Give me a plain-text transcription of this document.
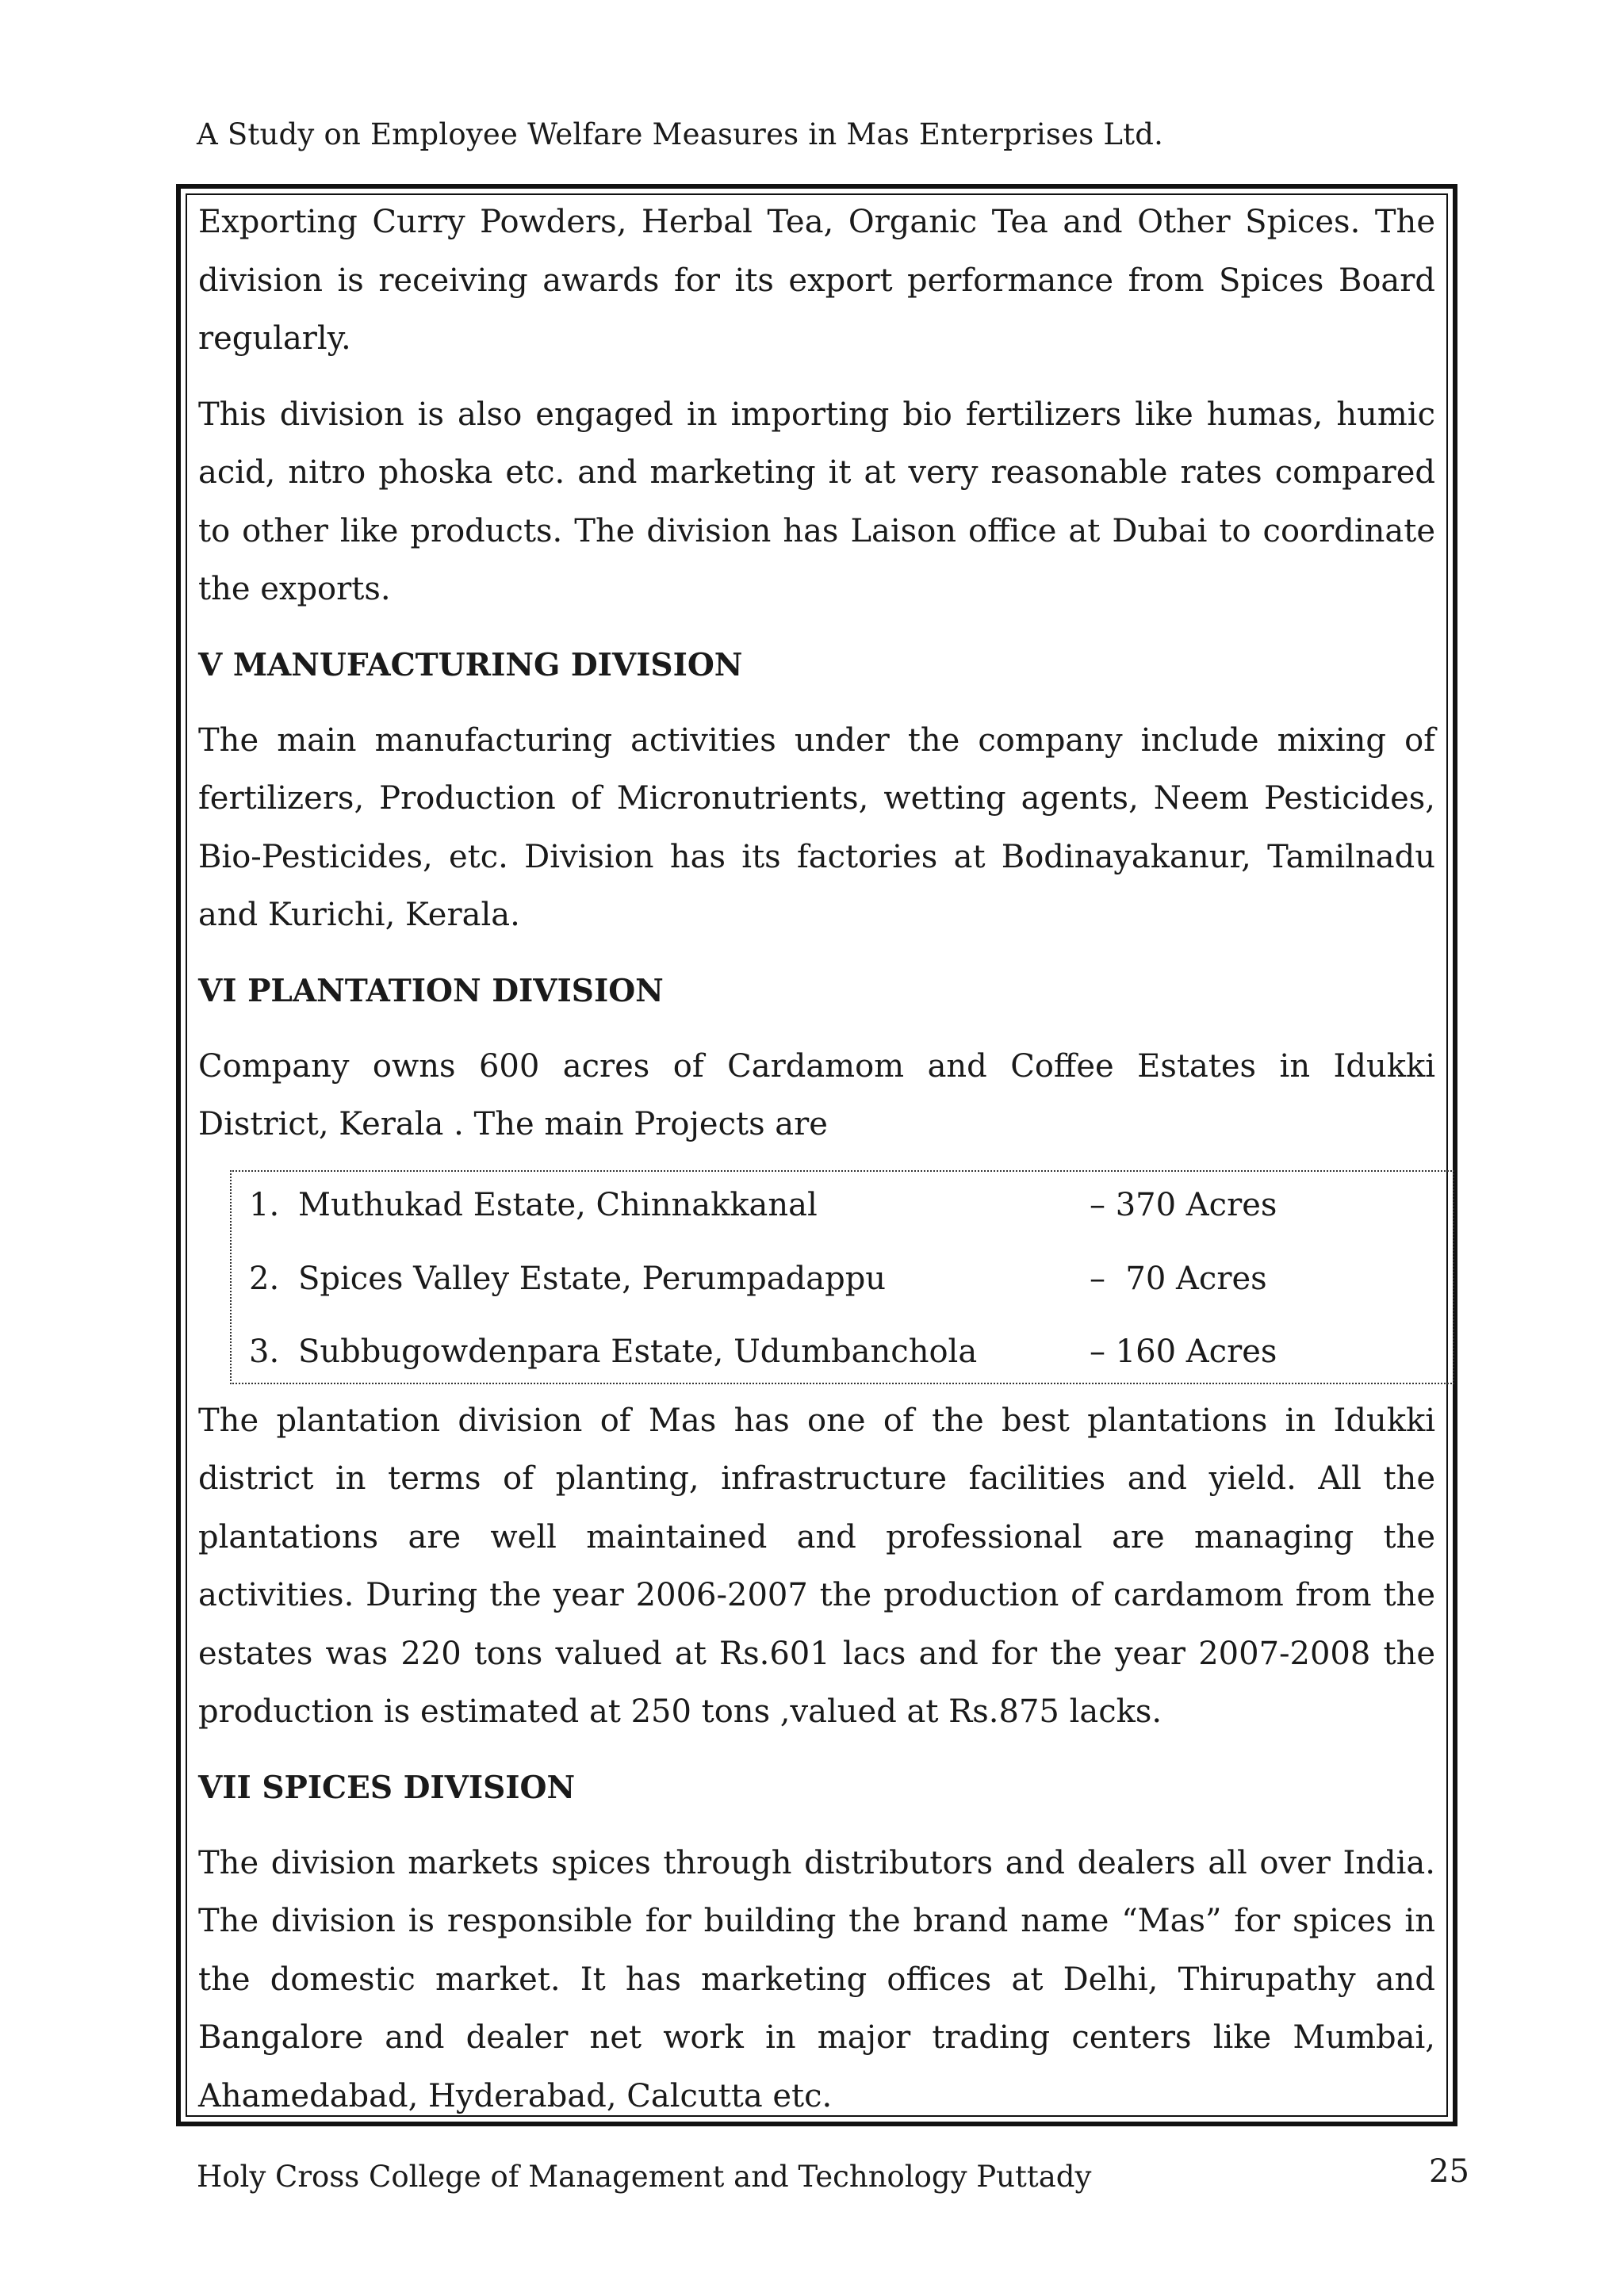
A Study on Employee Welfare Measures in Mas Enterprises Ltd.

Exporting Curry Powders, Herbal Tea, Organic Tea and Other Spices. The division is receiving awards for its export performance from Spices Board regularly.

This division is also engaged in importing bio fertilizers like humas, humic acid, nitro phoska etc. and marketing it at very reasonable rates compared to other like products. The division has Laison office at Dubai to coordinate the exports.

V MANUFACTURING DIVISION

The main manufacturing activities under the company include mixing of fertilizers, Production of Micronutrients, wetting agents, Neem Pesticides, Bio-Pesticides, etc. Division has its factories at Bodinayakanur, Tamilnadu and Kurichi, Kerala.

VI PLANTATION DIVISION

Company owns 600 acres of Cardamom and Coffee Estates in Idukki District, Kerala . The main Projects are

1. Muthukad Estate, Chinnakkanal	– 370 Acres
2. Spices Valley Estate, Perumpadappu	–  70 Acres
3. Subbugowdenpara Estate, Udumbanchola	– 160 Acres

The plantation division of Mas has one of the best plantations in Idukki district in terms of planting, infrastructure facilities and yield. All the plantations are well maintained and professional are managing the activities. During the year 2006-2007 the production of cardamom from the estates was 220 tons valued at Rs.601 lacs and for the year 2007-2008 the production is estimated at 250 tons ,valued at Rs.875 lacks.

VII SPICES DIVISION

The division markets spices through distributors and dealers all over India. The division is responsible for building the brand name “Mas” for spices in the domestic market. It has marketing offices at Delhi, Thirupathy and Bangalore and dealer net work in major trading centers like Mumbai, Ahamedabad, Hyderabad, Calcutta etc.

Holy Cross College of Management and Technology Puttady	25
